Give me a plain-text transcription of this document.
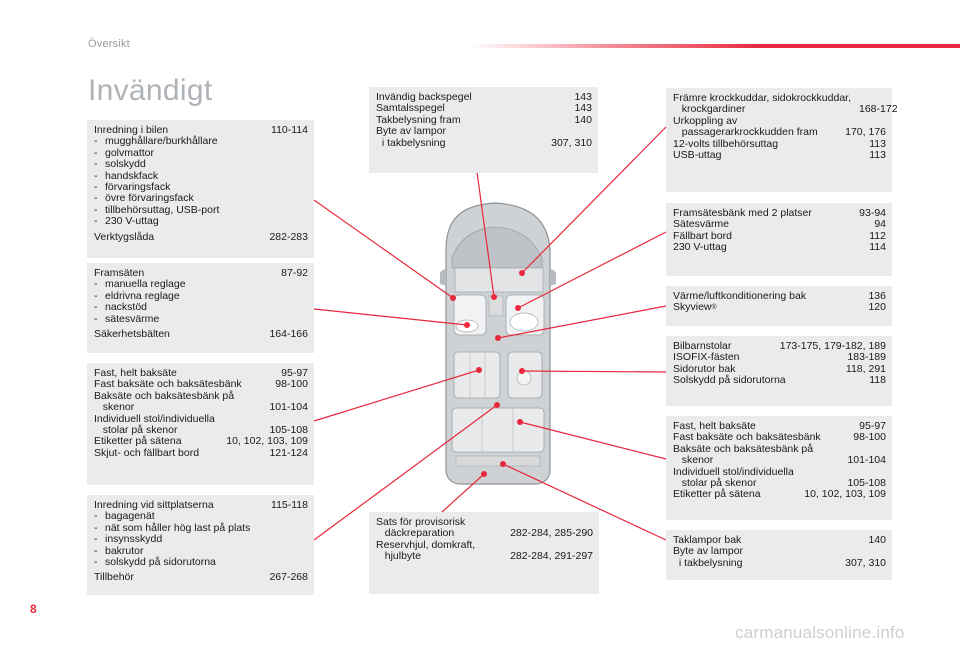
Översikt
Invändigt
Inredning i bilen	110-114
- mugghållare/burkhållare
- golvmattor
- solskydd
- handskfack
- förvaringsfack
- övre förvaringsfack
- tillbehörsuttag, USB-port
- 230 V-uttag
Verktygslåda	282-283
Framsäten	87-92
- manuella reglage
- eldrivna reglage
- nackstöd
- sätesvärme
Säkerhetsbälten	164-166
Fast, helt baksäte	95-97
Fast baksäte och baksätesbänk	98-100
Baksäte och baksätesbänk på
skenor	101-104
Individuell stol/individuella
stolar på skenor	105-108
Etiketter på sätena	10, 102, 103, 109
Skjut- och fällbart bord	121-124
Inredning vid sittplatserna	115-118
- bagagenät
- nät som håller hög last på plats
- insynsskydd
- bakrutor
- solskydd på sidorutorna
Tillbehör	267-268
Invändig backspegel	143
Samtalsspegel	143
Takbelysning fram	140
Byte av lampor
i takbelysning	307, 310
Sats för provisorisk
däckreparation	282-284, 285-290
Reservhjul, domkraft,
hjulbyte	282-284, 291-297
Främre krockkuddar, sidokrockkuddar,
krockgardiner	168-172
Urkoppling av
passagerarkrockkudden fram	170, 176
12-volts tillbehörsuttag	113
USB-uttag	113
Framsätesbänk med 2 platser	93-94
Sätesvärme	94
Fällbart bord	112
230 V-uttag	114
Värme/luftkonditionering bak	136
Skyview ®	120
Bilbarnstolar	173-175, 179-182, 189
ISOFIX-fästen	183-189
Sidorutor bak	118, 291
Solskydd på sidorutorna	118
Fast, helt baksäte	95-97
Fast baksäte och baksätesbänk	98-100
Baksäte och baksätesbänk på
skenor	101-104
Individuell stol/individuella
stolar på skenor	105-108
Etiketter på sätena	10, 102, 103, 109
Taklampor bak	140
Byte av lampor
i takbelysning	307, 310
8
carmanualsonline.info
